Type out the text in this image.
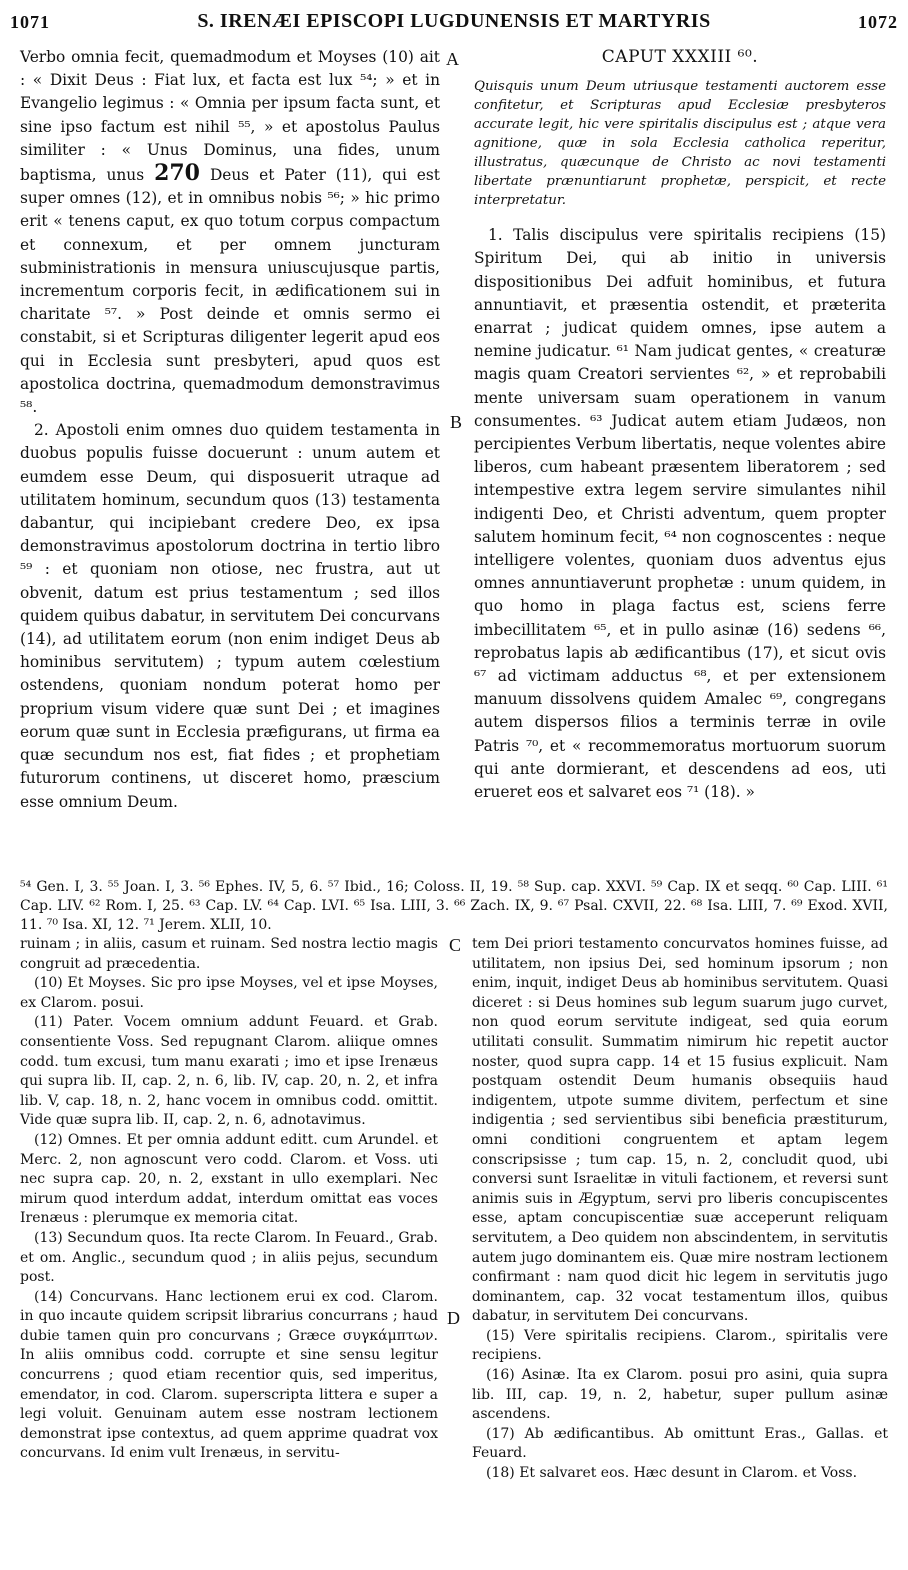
1071	S. IRENÆI EPISCOPI LUGDUNENSIS ET MARTYRIS	1072
A
B
C
D

Verbo omnia fecit, quemadmodum et Moyses (10) ait : « Dixit Deus : Fiat lux, et facta est lux ⁵⁴; » et in Evangelio legimus : « Omnia per ipsum facta sunt, et sine ipso factum est nihil ⁵⁵, » et apostolus Paulus similiter : « Unus Dominus, una fides, unum baptisma, unus 270 Deus et Pater (11), qui est super omnes (12), et in omnibus nobis ⁵⁶; » hic primo erit « tenens caput, ex quo totum corpus compactum et connexum, et per omnem juncturam subministrationis in mensura uniuscujusque partis, incrementum corporis fecit, in ædificationem sui in charitate ⁵⁷. » Post deinde et omnis sermo ei constabit, si et Scripturas diligenter legerit apud eos qui in Ecclesia sunt presbyteri, apud quos est apostolica doctrina, quemadmodum demonstravimus ⁵⁸.

2. Apostoli enim omnes duo quidem testamenta in duobus populis fuisse docuerunt : unum autem et eumdem esse Deum, qui disposuerit utraque ad utilitatem hominum, secundum quos (13) testamenta dabantur, qui incipiebant credere Deo, ex ipsa demonstravimus apostolorum doctrina in tertio libro ⁵⁹ : et quoniam non otiose, nec frustra, aut ut obvenit, datum est prius testamentum ; sed illos quidem quibus dabatur, in servitutem Dei concurvans (14), ad utilitatem eorum (non enim indiget Deus ab hominibus servitutem) ; typum autem cœlestium ostendens, quoniam nondum poterat homo per proprium visum videre quæ sunt Dei ; et imagines eorum quæ sunt in Ecclesia præfigurans, ut firma ea quæ secundum nos est, fiat fides ; et prophetiam futurorum continens, ut disceret homo, præscium esse omnium Deum.

CAPUT XXXIII ⁶⁰.
Quisquis unum Deum utriusque testamenti auctorem esse confitetur, et Scripturas apud Ecclesiæ presbyteros accurate legit, hic vere spiritalis discipulus est ; atque vera agnitione, quæ in sola Ecclesia catholica reperitur, illustratus, quæcunque de Christo ac novi testamenti libertate prænuntiarunt prophetæ, perspicit, et recte interpretatur.

1. Talis discipulus vere spiritalis recipiens (15) Spiritum Dei, qui ab initio in universis dispositionibus Dei adfuit hominibus, et futura annuntiavit, et præsentia ostendit, et præterita enarrat ; judicat quidem omnes, ipse autem a nemine judicatur. ⁶¹ Nam judicat gentes, « creaturæ magis quam Creatori servientes ⁶², » et reprobabili mente universam suam operationem in vanum consumentes. ⁶³ Judicat autem etiam Judæos, non percipientes Verbum libertatis, neque volentes abire liberos, cum habeant præsentem liberatorem ; sed intempestive extra legem servire simulantes nihil indigenti Deo, et Christi adventum, quem propter salutem hominum fecit, ⁶⁴ non cognoscentes : neque intelligere volentes, quoniam duos adventus ejus omnes annuntiaverunt prophetæ : unum quidem, in quo homo in plaga factus est, sciens ferre imbecillitatem ⁶⁵, et in pullo asinæ (16) sedens ⁶⁶, reprobatus lapis ab ædificantibus (17), et sicut ovis ⁶⁷ ad victimam adductus ⁶⁸, et per extensionem manuum dissolvens quidem Amalec ⁶⁹, congregans autem dispersos filios a terminis terræ in ovile Patris ⁷⁰, et « recommemoratus mortuorum suorum qui ante dormierant, et descendens ad eos, uti erueret eos et salvaret eos ⁷¹ (18). »

⁵⁴ Gen. I, 3. ⁵⁵ Joan. I, 3. ⁵⁶ Ephes. IV, 5, 6. ⁵⁷ Ibid., 16; Coloss. II, 19. ⁵⁸ Sup. cap. XXVI. ⁵⁹ Cap. IX et seqq. ⁶⁰ Cap. LIII. ⁶¹ Cap. LIV. ⁶² Rom. I, 25. ⁶³ Cap. LV. ⁶⁴ Cap. LVI. ⁶⁵ Isa. LIII, 3. ⁶⁶ Zach. IX, 9. ⁶⁷ Psal. CXVII, 22. ⁶⁸ Isa. LIII, 7. ⁶⁹ Exod. XVII, 11. ⁷⁰ Isa. XI, 12. ⁷¹ Jerem. XLII, 10.

ruinam ; in aliis, casum et ruinam. Sed nostra lectio magis congruit ad præcedentia.

(10) Et Moyses. Sic pro ipse Moyses, vel et ipse Moyses, ex Clarom. posui.

(11) Pater. Vocem omnium addunt Feuard. et Grab. consentiente Voss. Sed repugnant Clarom. aliique omnes codd. tum excusi, tum manu exarati ; imo et ipse Irenæus qui supra lib. II, cap. 2, n. 6, lib. IV, cap. 20, n. 2, et infra lib. V, cap. 18, n. 2, hanc vocem in omnibus codd. omittit. Vide quæ supra lib. II, cap. 2, n. 6, adnotavimus.

(12) Omnes. Et per omnia addunt editt. cum Arundel. et Merc. 2, non agnoscunt vero codd. Clarom. et Voss. uti nec supra cap. 20, n. 2, exstant in ullo exemplari. Nec mirum quod interdum addat, interdum omittat eas voces Irenæus : plerumque ex memoria citat.

(13) Secundum quos. Ita recte Clarom. In Feuard., Grab. et om. Anglic., secundum quod ; in aliis pejus, secundum post.

(14) Concurvans. Hanc lectionem erui ex cod. Clarom. in quo incaute quidem scripsit librarius concurrans ; haud dubie tamen quin pro concurvans ; Græce συγκάμπτων. In aliis omnibus codd. corrupte et sine sensu legitur concurrens ; quod etiam recentior quis, sed imperitus, emendator, in cod. Clarom. superscripta littera e super a legi voluit. Genuinam autem esse nostram lectionem demonstrat ipse contextus, ad quem apprime quadrat vox concurvans. Id enim vult Irenæus, in servitu-

tem Dei priori testamento concurvatos homines fuisse, ad utilitatem, non ipsius Dei, sed hominum ipsorum ; non enim, inquit, indiget Deus ab hominibus servitutem. Quasi diceret : si Deus homines sub legum suarum jugo curvet, non quod eorum servitute indigeat, sed quia eorum utilitati consulit. Summatim nimirum hic repetit auctor noster, quod supra capp. 14 et 15 fusius explicuit. Nam postquam ostendit Deum humanis obsequiis haud indigentem, utpote summe divitem, perfectum et sine indigentia ; sed servientibus sibi beneficia præstiturum, omni conditioni congruentem et aptam legem conscripsisse ; tum cap. 15, n. 2, concludit quod, ubi conversi sunt Israelitæ in vituli factionem, et reversi sunt animis suis in Ægyptum, servi pro liberis concupiscentes esse, aptam concupiscentiæ suæ acceperunt reliquam servitutem, a Deo quidem non abscindentem, in servitutis autem jugo dominantem eis. Quæ mire nostram lectionem confirmant : nam quod dicit hic legem in servitutis jugo dominantem, cap. 32 vocat testamentum illos, quibus dabatur, in servitutem Dei concurvans.

(15) Vere spiritalis recipiens. Clarom., spiritalis vere recipiens.

(16) Asinæ. Ita ex Clarom. posui pro asini, quia supra lib. III, cap. 19, n. 2, habetur, super pullum asinæ ascendens.

(17) Ab ædificantibus. Ab omittunt Eras., Gallas. et Feuard.

(18) Et salvaret eos. Hæc desunt in Clarom. et Voss.
